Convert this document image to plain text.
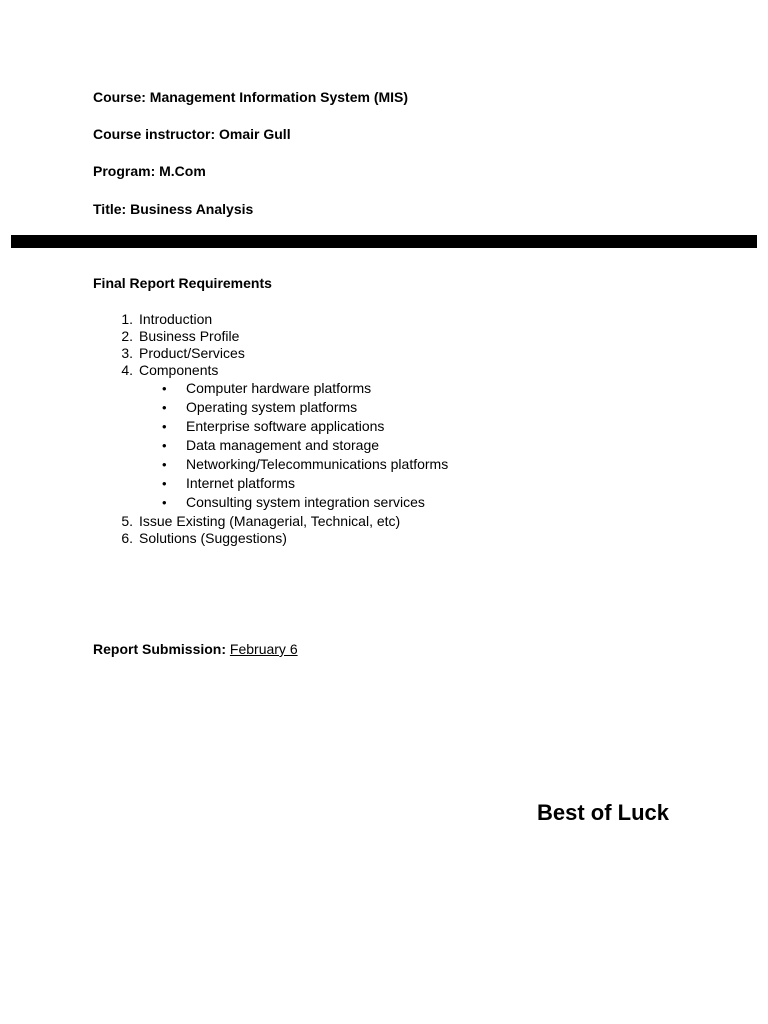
Course: Management Information System (MIS)
Course instructor: Omair Gull
Program: M.Com
Title: Business Analysis
Final Report Requirements
1. Introduction
2. Business Profile
3. Product/Services
4. Components
• Computer hardware platforms
• Operating system platforms
• Enterprise software applications
• Data management and storage
• Networking/Telecommunications platforms
• Internet platforms
• Consulting system integration services
5. Issue Existing (Managerial, Technical, etc)
6. Solutions (Suggestions)
Report Submission: February 6
Best of Luck
